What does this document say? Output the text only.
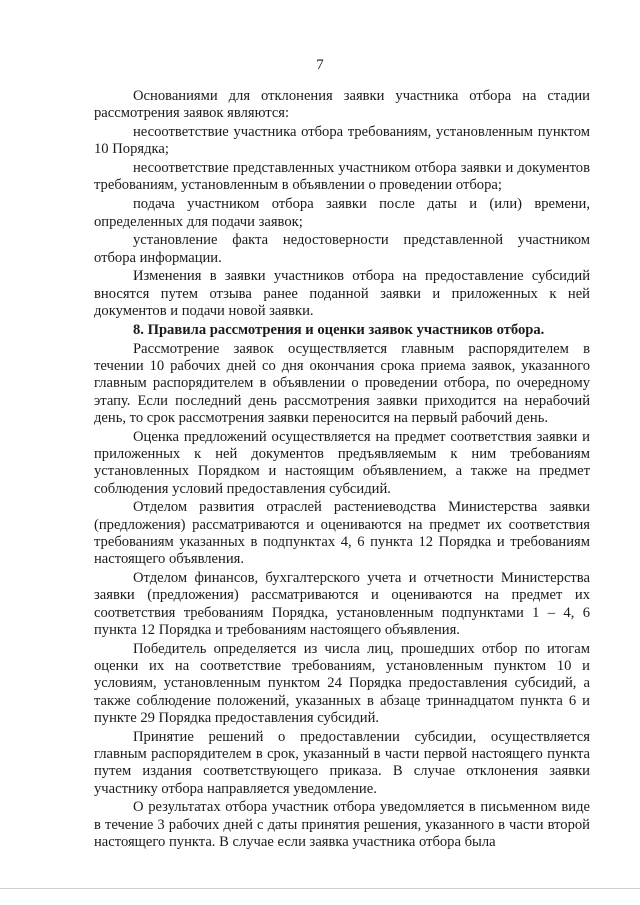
7

Основаниями для отклонения заявки участника отбора на стадии рассмотрения заявок являются:

несоответствие участника отбора требованиям, установленным пунктом 10 Порядка;

несоответствие представленных участником отбора заявки и документов требованиям, установленным в объявлении о проведении отбора;

подача участником отбора заявки после даты и (или) времени, определенных для подачи заявок;

установление факта недостоверности представленной участником отбора информации.

Изменения в заявки участников отбора на предоставление субсидий вносятся путем отзыва ранее поданной заявки и приложенных к ней документов и подачи новой заявки.

8. Правила рассмотрения и оценки заявок участников отбора.

Рассмотрение заявок осуществляется главным распорядителем в течении 10 рабочих дней со дня окончания срока приема заявок, указанного главным распорядителем в объявлении о проведении отбора, по очередному этапу. Если последний день рассмотрения заявки приходится на нерабочий день, то срок рассмотрения заявки переносится на первый рабочий день.

Оценка предложений осуществляется на предмет соответствия заявки и приложенных к ней документов предъявляемым к ним требованиям установленных Порядком и настоящим объявлением, а также на предмет соблюдения условий предоставления субсидий.

Отделом развития отраслей растениеводства Министерства заявки (предложения) рассматриваются и оцениваются на предмет их соответствия требованиям указанных в подпунктах 4, 6 пункта 12 Порядка и требованиям настоящего объявления.

Отделом финансов, бухгалтерского учета и отчетности Министерства заявки (предложения) рассматриваются и оцениваются на предмет их соответствия требованиям Порядка, установленным подпунктами 1 – 4, 6 пункта 12 Порядка и требованиям настоящего объявления.

Победитель определяется из числа лиц, прошедших отбор по итогам оценки их на соответствие требованиям, установленным пунктом 10 и условиям, установленным пунктом 24 Порядка предоставления субсидий, а также соблюдение положений, указанных в абзаце триннадцатом пункта 6 и пункте 29 Порядка предоставления субсидий.

Принятие решений о предоставлении субсидии, осуществляется главным распорядителем в срок, указанный в части первой настоящего пункта путем издания соответствующего приказа. В случае отклонения заявки участнику отбора направляется уведомление.

О результатах отбора участник отбора уведомляется в письменном виде в течение 3 рабочих дней с даты принятия решения, указанного в части второй настоящего пункта. В случае если заявка участника отбора была
